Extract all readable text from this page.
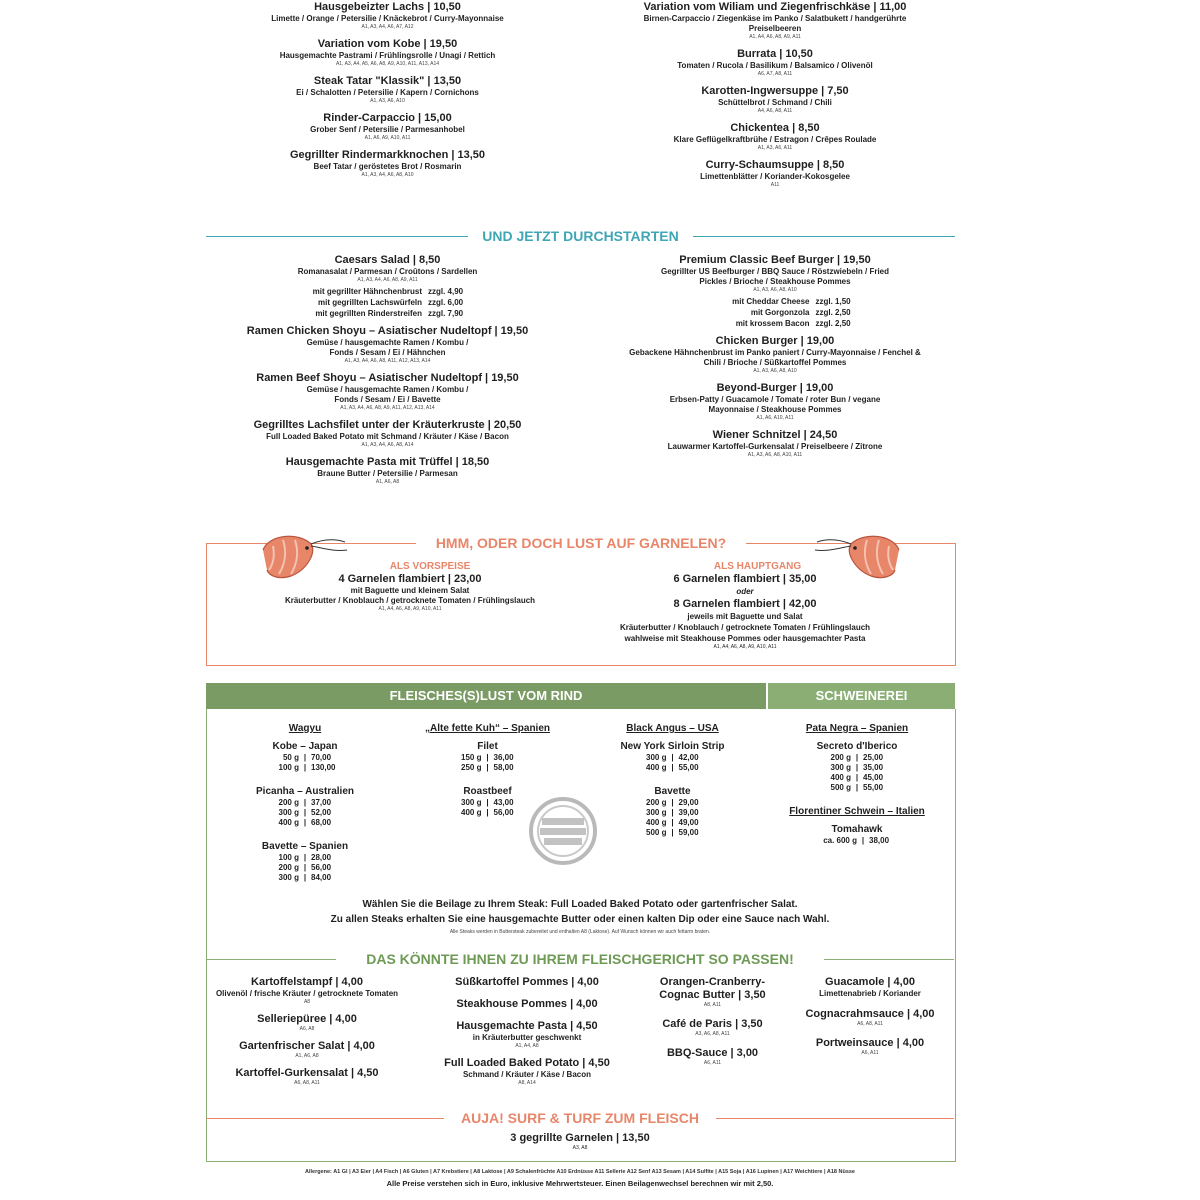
Hausgebeizter Lachs | 10,50
Limette / Orange / Petersilie / Knäckebrot / Curry-Mayonnaise
A1, A3, A4, A6, A7, A12
Variation vom Kobe | 19,50
Hausgemachte Pastrami / Frühlingsrolle / Unagi / Rettich
A1, A3, A4, A5, A6, A8, A9, A10, A11, A13, A14
Steak Tatar "Klassik" | 13,50
Ei / Schalotten / Petersilie / Kapern / Cornichons
A1, A3, A6, A10
Rinder-Carpaccio | 15,00
Grober Senf / Petersilie / Parmesanhobel
A1, A6, A9, A10, A11
Gegrillter Rindermarkknochen | 13,50
Beef Tatar / geröstetes Brot / Rosmarin
A1, A3, A4, A6, A8, A10
Variation vom Wiliam und Ziegenfrischkäse | 11,00
Birnen-Carpaccio / Ziegenkäse im Panko / Salatbukett / handgerührte Preiselbeeren
A1, A4, A6, A8, A9, A11
Burrata | 10,50
Tomaten / Rucola / Basilikum / Balsamico / Olivenöl
A6, A7, A8, A11
Karotten-Ingwersuppe | 7,50
Schüttelbrot / Schmand / Chili
A4, A6, A8, A11
Chickentea | 8,50
Klare Geflügelkraftbrühe / Estragon / Crêpes Roulade
A1, A3, A6, A11
Curry-Schaumsuppe | 8,50
Limettenblätter / Koriander-Kokosgelee
A11
UND JETZT DURCHSTARTEN
Caesars Salad | 8,50
Romanasalat / Parmesan / Croûtons / Sardellen
A1, A3, A4, A6, A8, A9, A11
mit gegrillter Hähnchenbrust zzgl. 4,90
mit gegrillten Lachswürfeln zzgl. 6,00
mit gegrillten Rinderstreifen zzgl. 7,90
Ramen Chicken Shoyu – Asiatischer Nudeltopf | 19,50
Gemüse / hausgemachte Ramen / Kombu / Fonds / Sesam / Ei / Hähnchen
A1, A3, A4, A6, A8, A11, A12, A13, A14
Ramen Beef Shoyu – Asiatischer Nudeltopf | 19,50
Gemüse / hausgemachte Ramen / Kombu / Fonds / Sesam / Ei / Bavette
A1, A3, A4, A6, A8, A9, A11, A12, A13, A14
Gegrilltes Lachsfilet unter der Kräuterkruste | 20,50
Full Loaded Baked Potato mit Schmand / Kräuter / Käse / Bacon
A1, A3, A4, A6, A8, A14
Hausgemachte Pasta mit Trüffel | 18,50
Braune Butter / Petersilie / Parmesan
A1, A6, A8
Premium Classic Beef Burger | 19,50
Gegrillter US Beefburger / BBQ Sauce / Röstzwiebeln / Fried Pickles / Brioche / Steakhouse Pommes
A1, A3, A6, A8, A10
mit Cheddar Cheese zzgl. 1,50
mit Gorgonzola zzgl. 2,50
mit krossem Bacon zzgl. 2,50
Chicken Burger | 19,00
Gebackene Hähnchenbrust im Panko paniert / Curry-Mayonnaise / Fenchel & Chili / Brioche / Süßkartoffel Pommes
A1, A3, A6, A8, A10
Beyond-Burger | 19,00
Erbsen-Patty / Guacamole / Tomate / roter Bun / vegane Mayonnaise / Steakhouse Pommes
A1, A6, A10, A11
Wiener Schnitzel | 24,50
Lauwarmer Kartoffel-Gurkensalat / Preiselbeere / Zitrone
A1, A3, A6, A8, A10, A11
HMM, ODER DOCH LUST AUF GARNELEN?
ALS VORSPEISE
4 Garnelen flambiert | 23,00
mit Baguette und kleinem Salat
Kräuterbutter / Knoblauch / getrocknete Tomaten / Frühlingslauch
A1, A4, A6, A8, A9, A10, A11
ALS HAUPTGANG
6 Garnelen flambiert | 35,00
oder
8 Garnelen flambiert | 42,00
jeweils mit Baguette und Salat
Kräuterbutter / Knoblauch / getrocknete Tomaten / Frühlingslauch
wahlweise mit Steakhouse Pommes oder hausgemachter Pasta
A1, A4, A6, A8, A9, A10, A11
FLEISCHES(S)LUST VOM RIND	SCHWEINEREI
Wagyu
Kobe – Japan
50 g | 70,00
100 g | 130,00
Picanha – Australien
200 g | 37,00
300 g | 52,00
400 g | 68,00
Bavette – Spanien
100 g | 28,00
200 g | 56,00
300 g | 84,00
„Alte fette Kuh“ – Spanien
Filet
150 g | 36,00
250 g | 58,00
Roastbeef
300 g | 43,00
400 g | 56,00
Black Angus – USA
New York Sirloin Strip
300 g | 42,00
400 g | 55,00
Bavette
200 g | 29,00
300 g | 39,00
400 g | 49,00
500 g | 59,00
Pata Negra – Spanien
Secreto d'Iberico
200 g | 25,00
300 g | 35,00
400 g | 45,00
500 g | 55,00
Florentiner Schwein – Italien
Tomahawk
ca. 600 g | 38,00
Wählen Sie die Beilage zu Ihrem Steak: Full Loaded Baked Potato oder gartenfrischer Salat.
Zu allen Steaks erhalten Sie eine hausgemachte Butter oder einen kalten Dip oder eine Sauce nach Wahl.
Alle Steaks werden in Buttersteak zubereitet und enthalten A8 (Laktose). Auf Wunsch können wir auch fettarm braten.
DAS KÖNNTE IHNEN ZU IHREM FLEISCHGERICHT SO PASSEN!
Kartoffelstampf | 4,00
Olivenöl / frische Kräuter / getrocknete Tomaten
A8
Selleriepüree | 4,00
A6, A8
Gartenfrischer Salat | 4,00
A1, A6, A8
Kartoffel-Gurkensalat | 4,50
A6, A8, A11
Süßkartoffel Pommes | 4,00
Steakhouse Pommes | 4,00
Hausgemachte Pasta | 4,50
in Kräuterbutter geschwenkt
A1, A4, A8
Full Loaded Baked Potato | 4,50
Schmand / Kräuter / Käse / Bacon
A8, A14
Orangen-Cranberry-Cognac Butter | 3,50
A8, A11
Café de Paris | 3,50
A3, A6, A8, A11
BBQ-Sauce | 3,00
A6, A11
Guacamole | 4,00
Limettenabrieb / Koriander
Cognacrahmsauce | 4,00
A6, A8, A11
Portweinsauce | 4,00
A6, A11
AUJA! SURF & TURF ZUM FLEISCH
3 gegrillte Garnelen | 13,50
A3, A8
Allergene: A1 Gl | A3 Eier | A4 Fisch | A6 Gluten | A7 Krebstiere | A8 Laktose | A9 Schalenfrüchte A10 Erdnüsse A11 Sellerie A12 Senf A13 Sesam | A14 Sulfite | A15 Soja | A16 Lupinen | A17 Weichtiere | A18 Nüsse
Alle Preise verstehen sich in Euro, inklusive Mehrwertsteuer. Einen Beilagenwechsel berechnen wir mit 2,50.
